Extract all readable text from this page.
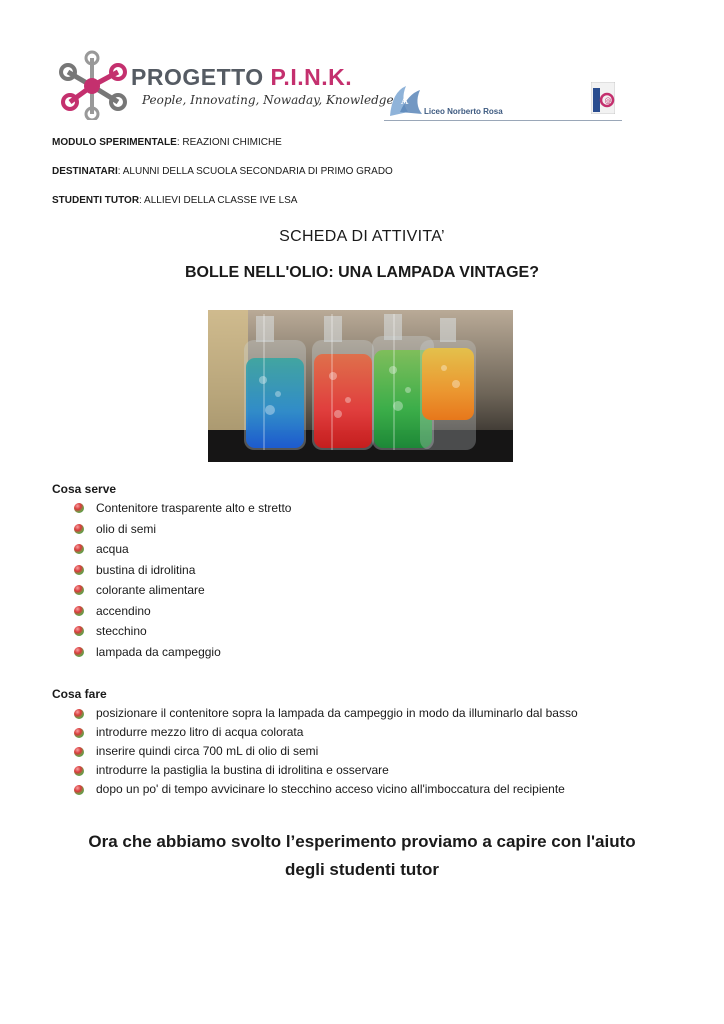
PROGETTO P.I.N.K.
People, Innovating, Nowaday, Knowledge A
Liceo Norberto Rosa
@
MODULO SPERIMENTALE: REAZIONI CHIMICHE
DESTINATARI: ALUNNI DELLA SCUOLA SECONDARIA DI PRIMO GRADO
STUDENTI TUTOR: ALLIEVI DELLA CLASSE IVE LSA
SCHEDA DI ATTIVITA’
BOLLE NELL'OLIO: UNA LAMPADA VINTAGE?
Cosa serve
Contenitore trasparente alto e stretto
olio di semi
acqua
bustina di idrolitina
colorante alimentare
accendino
stecchino
lampada da campeggio
Cosa fare
posizionare il contenitore sopra la lampada da campeggio in modo da illuminarlo dal basso
introdurre mezzo litro di acqua colorata
inserire quindi circa 700 mL di olio di semi
introdurre la pastiglia la bustina di idrolitina e osservare
dopo un po' di tempo avvicinare lo stecchino acceso vicino all'imboccatura del recipiente
Ora che abbiamo svolto l’esperimento proviamo a capire con l'aiuto
degli studenti tutor
